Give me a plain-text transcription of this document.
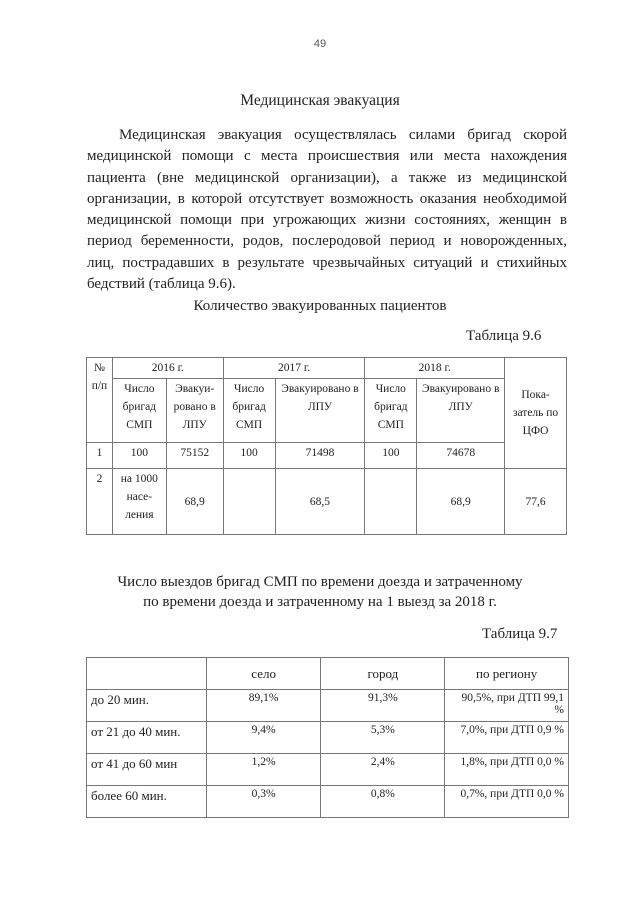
49
Медицинская эвакуация

Медицинская эвакуация осуществлялась силами бригад скорой медицинской помощи с места происшествия или места нахождения пациента (вне медицинской организации), а также из медицинской организации, в которой отсутствует возможность оказания необходимой медицинской помощи при угрожающих жизни состояниях, женщин в период беременности, родов, послеродовой период и новорожденных, лиц, пострадавших в результате чрезвычайных ситуаций и стихийных бедствий (таблица 9.6).

Количество эвакуированных пациентов
Таблица 9.6
№ п/п	2016 г.		2017 г.		2018 г.		Пока-затель по ЦФО
	Число бригад СМП	Эвакуи-ровано в ЛПУ	Число бригад СМП	Эвакуировано в ЛПУ	Число бригад СМП	Эвакуировано в ЛПУ	
1	100	75152	100	71498	100	74678	
2	на 1000 насе-ления	68,9		68,5		68,9	77,6
Число выездов бригад СМП по времени доезда и затраченному
по времени доезда и затраченному на 1 выезд за 2018 г.
Таблица 9.7
	село	город	по региону
до 20 мин.	89,1%	91,3%	90,5%, при ДТП 99,1 %
от 21 до 40 мин.	9,4%	5,3%	7,0%, при ДТП 0,9 %
от 41 до 60 мин	1,2%	2,4%	1,8%, при ДТП 0,0 %
более 60 мин.	0,3%	0,8%	0,7%, при ДТП 0,0 %
